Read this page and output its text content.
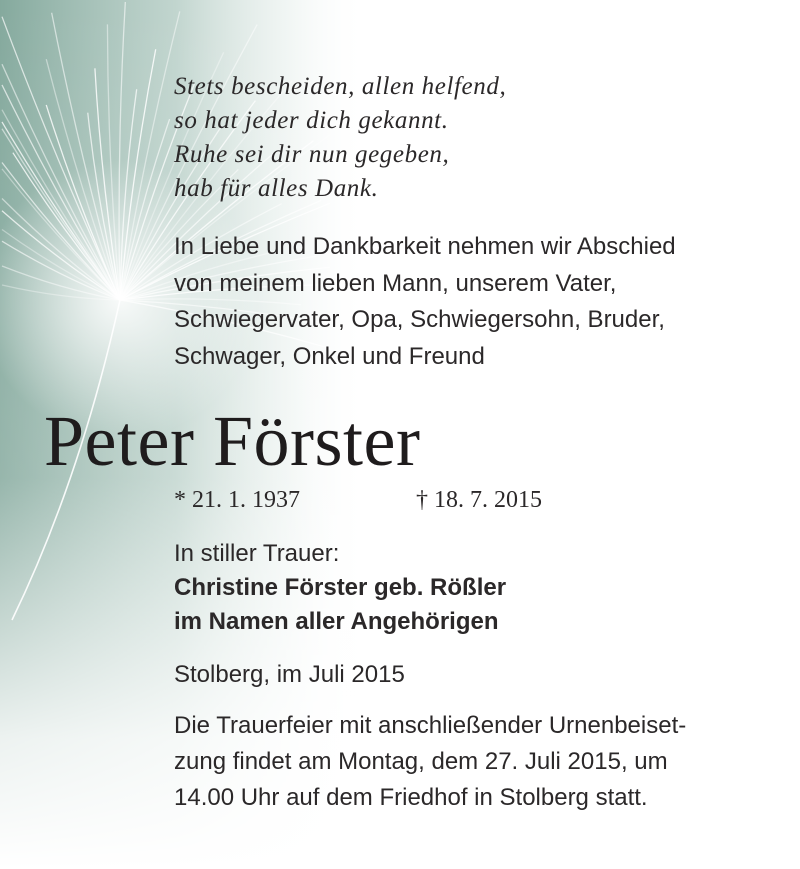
Stets bescheiden, allen helfend,
so hat jeder dich gekannt.
Ruhe sei dir nun gegeben,
hab für alles Dank.
In Liebe und Dankbarkeit nehmen wir Abschied
von meinem lieben Mann, unserem Vater,
Schwiegervater, Opa, Schwiegersohn, Bruder,
Schwager, Onkel und Freund
Peter Förster
* 21. 1. 1937	† 18. 7. 2015
In stiller Trauer:
Christine Förster geb. Rößler
im Namen aller Angehörigen
Stolberg, im Juli 2015
Die Trauerfeier mit anschließender Urnenbeiset-
zung findet am Montag, dem 27. Juli 2015, um
14.00 Uhr auf dem Friedhof in Stolberg statt.
